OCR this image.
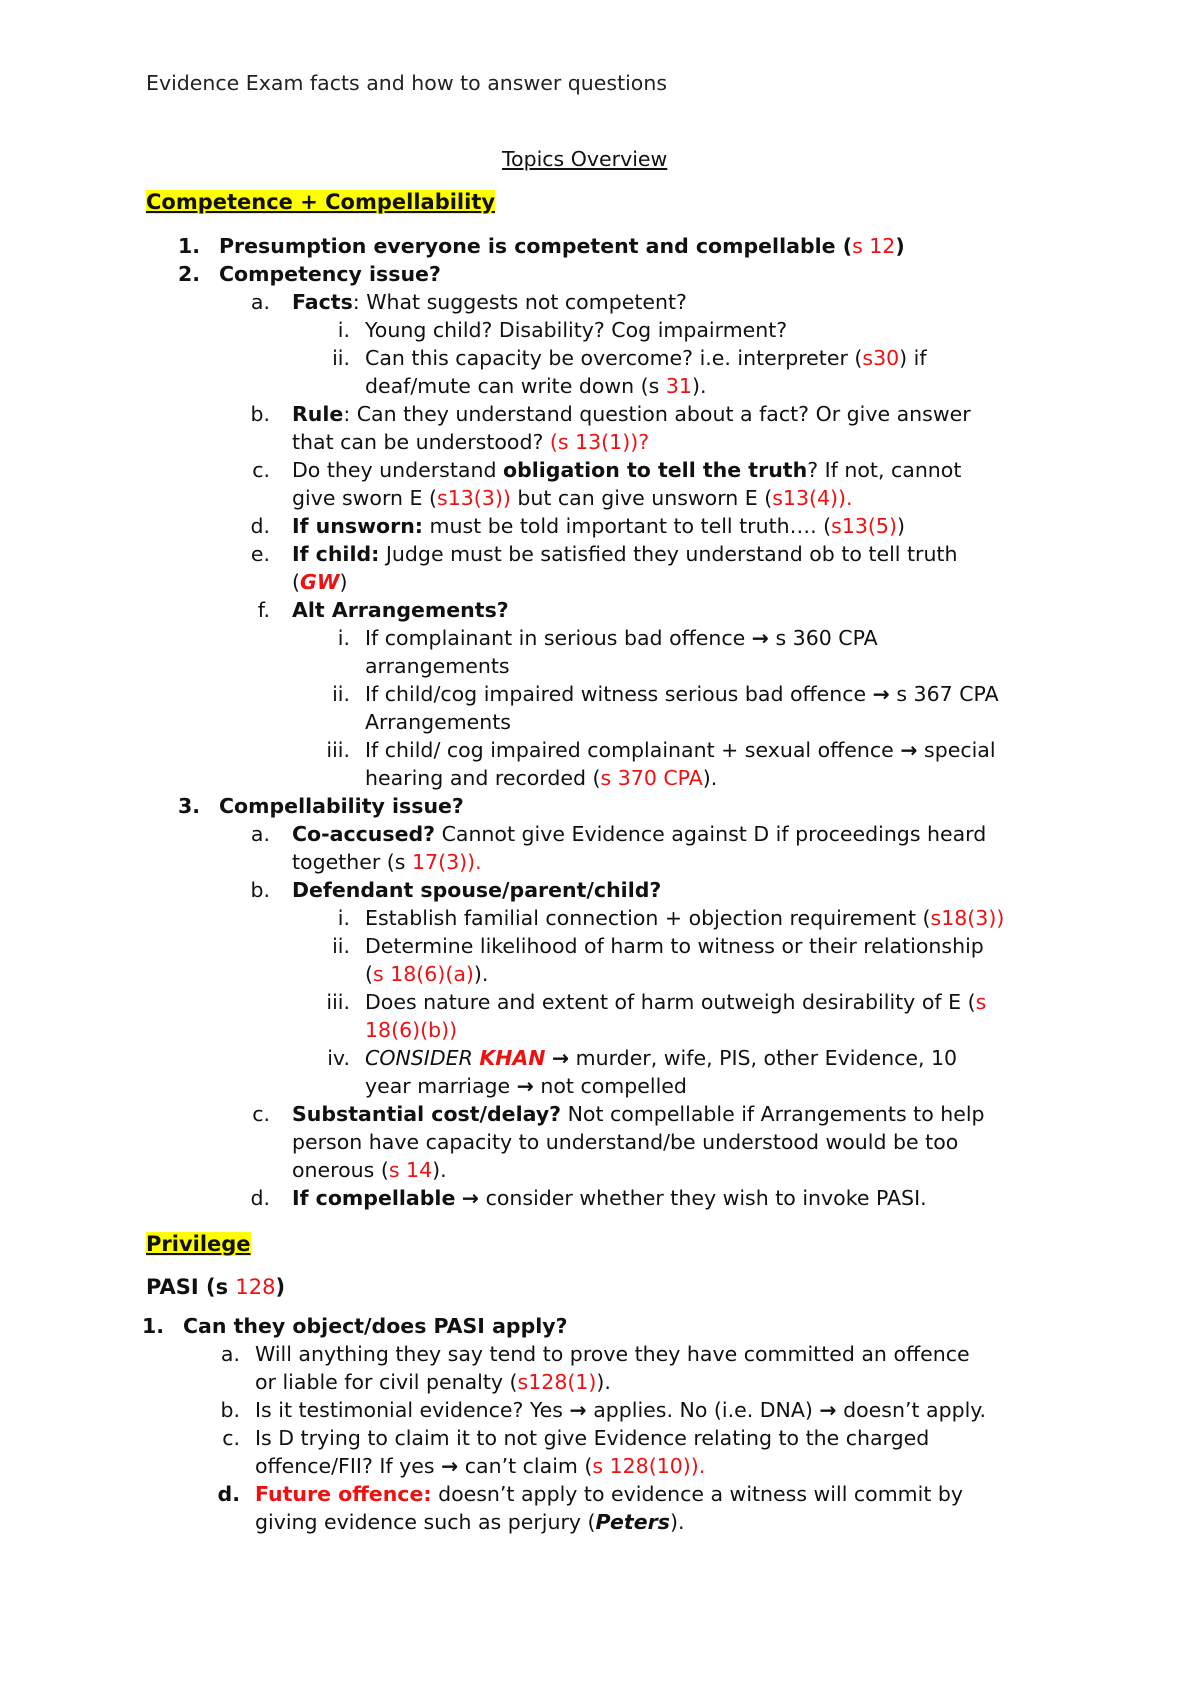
Evidence Exam facts and how to answer questions
Topics Overview
Competence + Compellability
1. Presumption everyone is competent and compellable (s 12)
2. Competency issue?
a. Facts: What suggests not competent?
i. Young child? Disability? Cog impairment?
ii. Can this capacity be overcome? i.e. interpreter (s30) if
deaf/mute can write down (s 31).
b. Rule: Can they understand question about a fact? Or give answer
that can be understood? (s 13(1))?
c. Do they understand obligation to tell the truth? If not, cannot
give sworn E (s13(3)) but can give unsworn E (s13(4)).
d. If unsworn: must be told important to tell truth…. (s13(5))
e. If child: Judge must be satisfied they understand ob to tell truth
(GW)
f. Alt Arrangements?
i. If complainant in serious bad offence → s 360 CPA
arrangements
ii. If child/cog impaired witness serious bad offence → s 367 CPA
Arrangements
iii. If child/ cog impaired complainant + sexual offence → special
hearing and recorded (s 370 CPA).
3. Compellability issue?
a. Co-accused? Cannot give Evidence against D if proceedings heard
together (s 17(3)).
b. Defendant spouse/parent/child?
i. Establish familial connection + objection requirement (s18(3))
ii. Determine likelihood of harm to witness or their relationship
(s 18(6)(a)).
iii. Does nature and extent of harm outweigh desirability of E (s
18(6)(b))
iv. CONSIDER KHAN → murder, wife, PIS, other Evidence, 10
year marriage → not compelled
c. Substantial cost/delay? Not compellable if Arrangements to help
person have capacity to understand/be understood would be too
onerous (s 14).
d. If compellable → consider whether they wish to invoke PASI.
Privilege
PASI (s 128)
1. Can they object/does PASI apply?
a. Will anything they say tend to prove they have committed an offence
or liable for civil penalty (s128(1)).
b. Is it testimonial evidence? Yes → applies. No (i.e. DNA) → doesn’t apply.
c. Is D trying to claim it to not give Evidence relating to the charged
offence/FII? If yes → can’t claim (s 128(10)).
d. Future offence: doesn’t apply to evidence a witness will commit by
giving evidence such as perjury (Peters).
